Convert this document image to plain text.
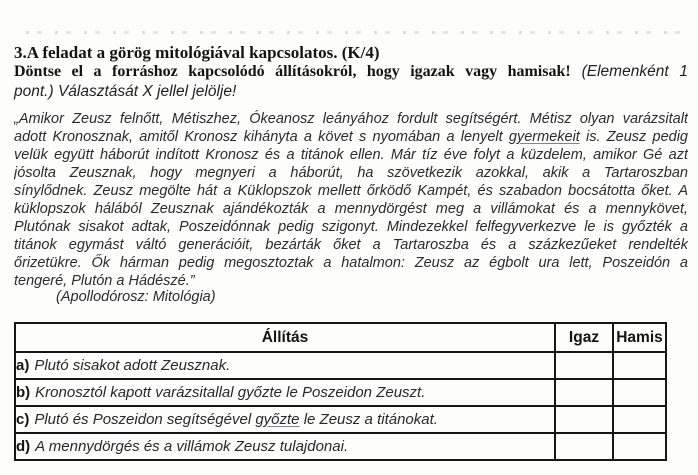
3.A feladat a görög mitológiával kapcsolatos. (K/4)
Döntse el a forráshoz kapcsolódó állításokról, hogy igazak vagy hamisak! (Elemenként 1
pont.) Választását X jellel jelölje!
„Amikor Zeusz felnőtt, Métiszhez, Ókeanosz leányához fordult segítségért. Métisz olyan varázsitalt
adott Kronosznak, amitől Kronosz kihányta a követ s nyomában a lenyelt gyermekeit is. Zeusz pedig
velük együtt háborút indított Kronosz és a titánok ellen. Már tíz éve folyt a küzdelem, amikor Gé azt
jósolta Zeusznak, hogy megnyeri a háborút, ha szövetkezik azokkal, akik a Tartaroszban
sínylődnek. Zeusz megölte hát a Küklopszok mellett őrködő Kampét, és szabadon bocsátotta őket. A
küklopszok hálából Zeusznak ajándékozták a mennydörgést meg a villámokat és a mennykövet,
Plutónak sisakot adtak, Poszeidónnak pedig szigonyt. Mindezekkel felfegyverkezve le is győzték a
titánok egymást váltó generációit, bezárták őket a Tartaroszba és a százkezűeket rendelték
őrizetükre. Ők hárman pedig megosztoztak a hatalmon: Zeusz az égbolt ura lett, Poszeidón a
tengeré, Plutón a Hádészé.”
(Apollodórosz: Mitológia)
Állítás	Igaz	Hamis
a) Plutó sisakot adott Zeusznak.		
b) Kronosztól kapott varázsitallal győzte le Poszeidon Zeuszt.		
c) Plutó és Poszeidon segítségével győzte le Zeusz a titánokat.		
d) A mennydörgés és a villámok Zeusz tulajdonai.		
